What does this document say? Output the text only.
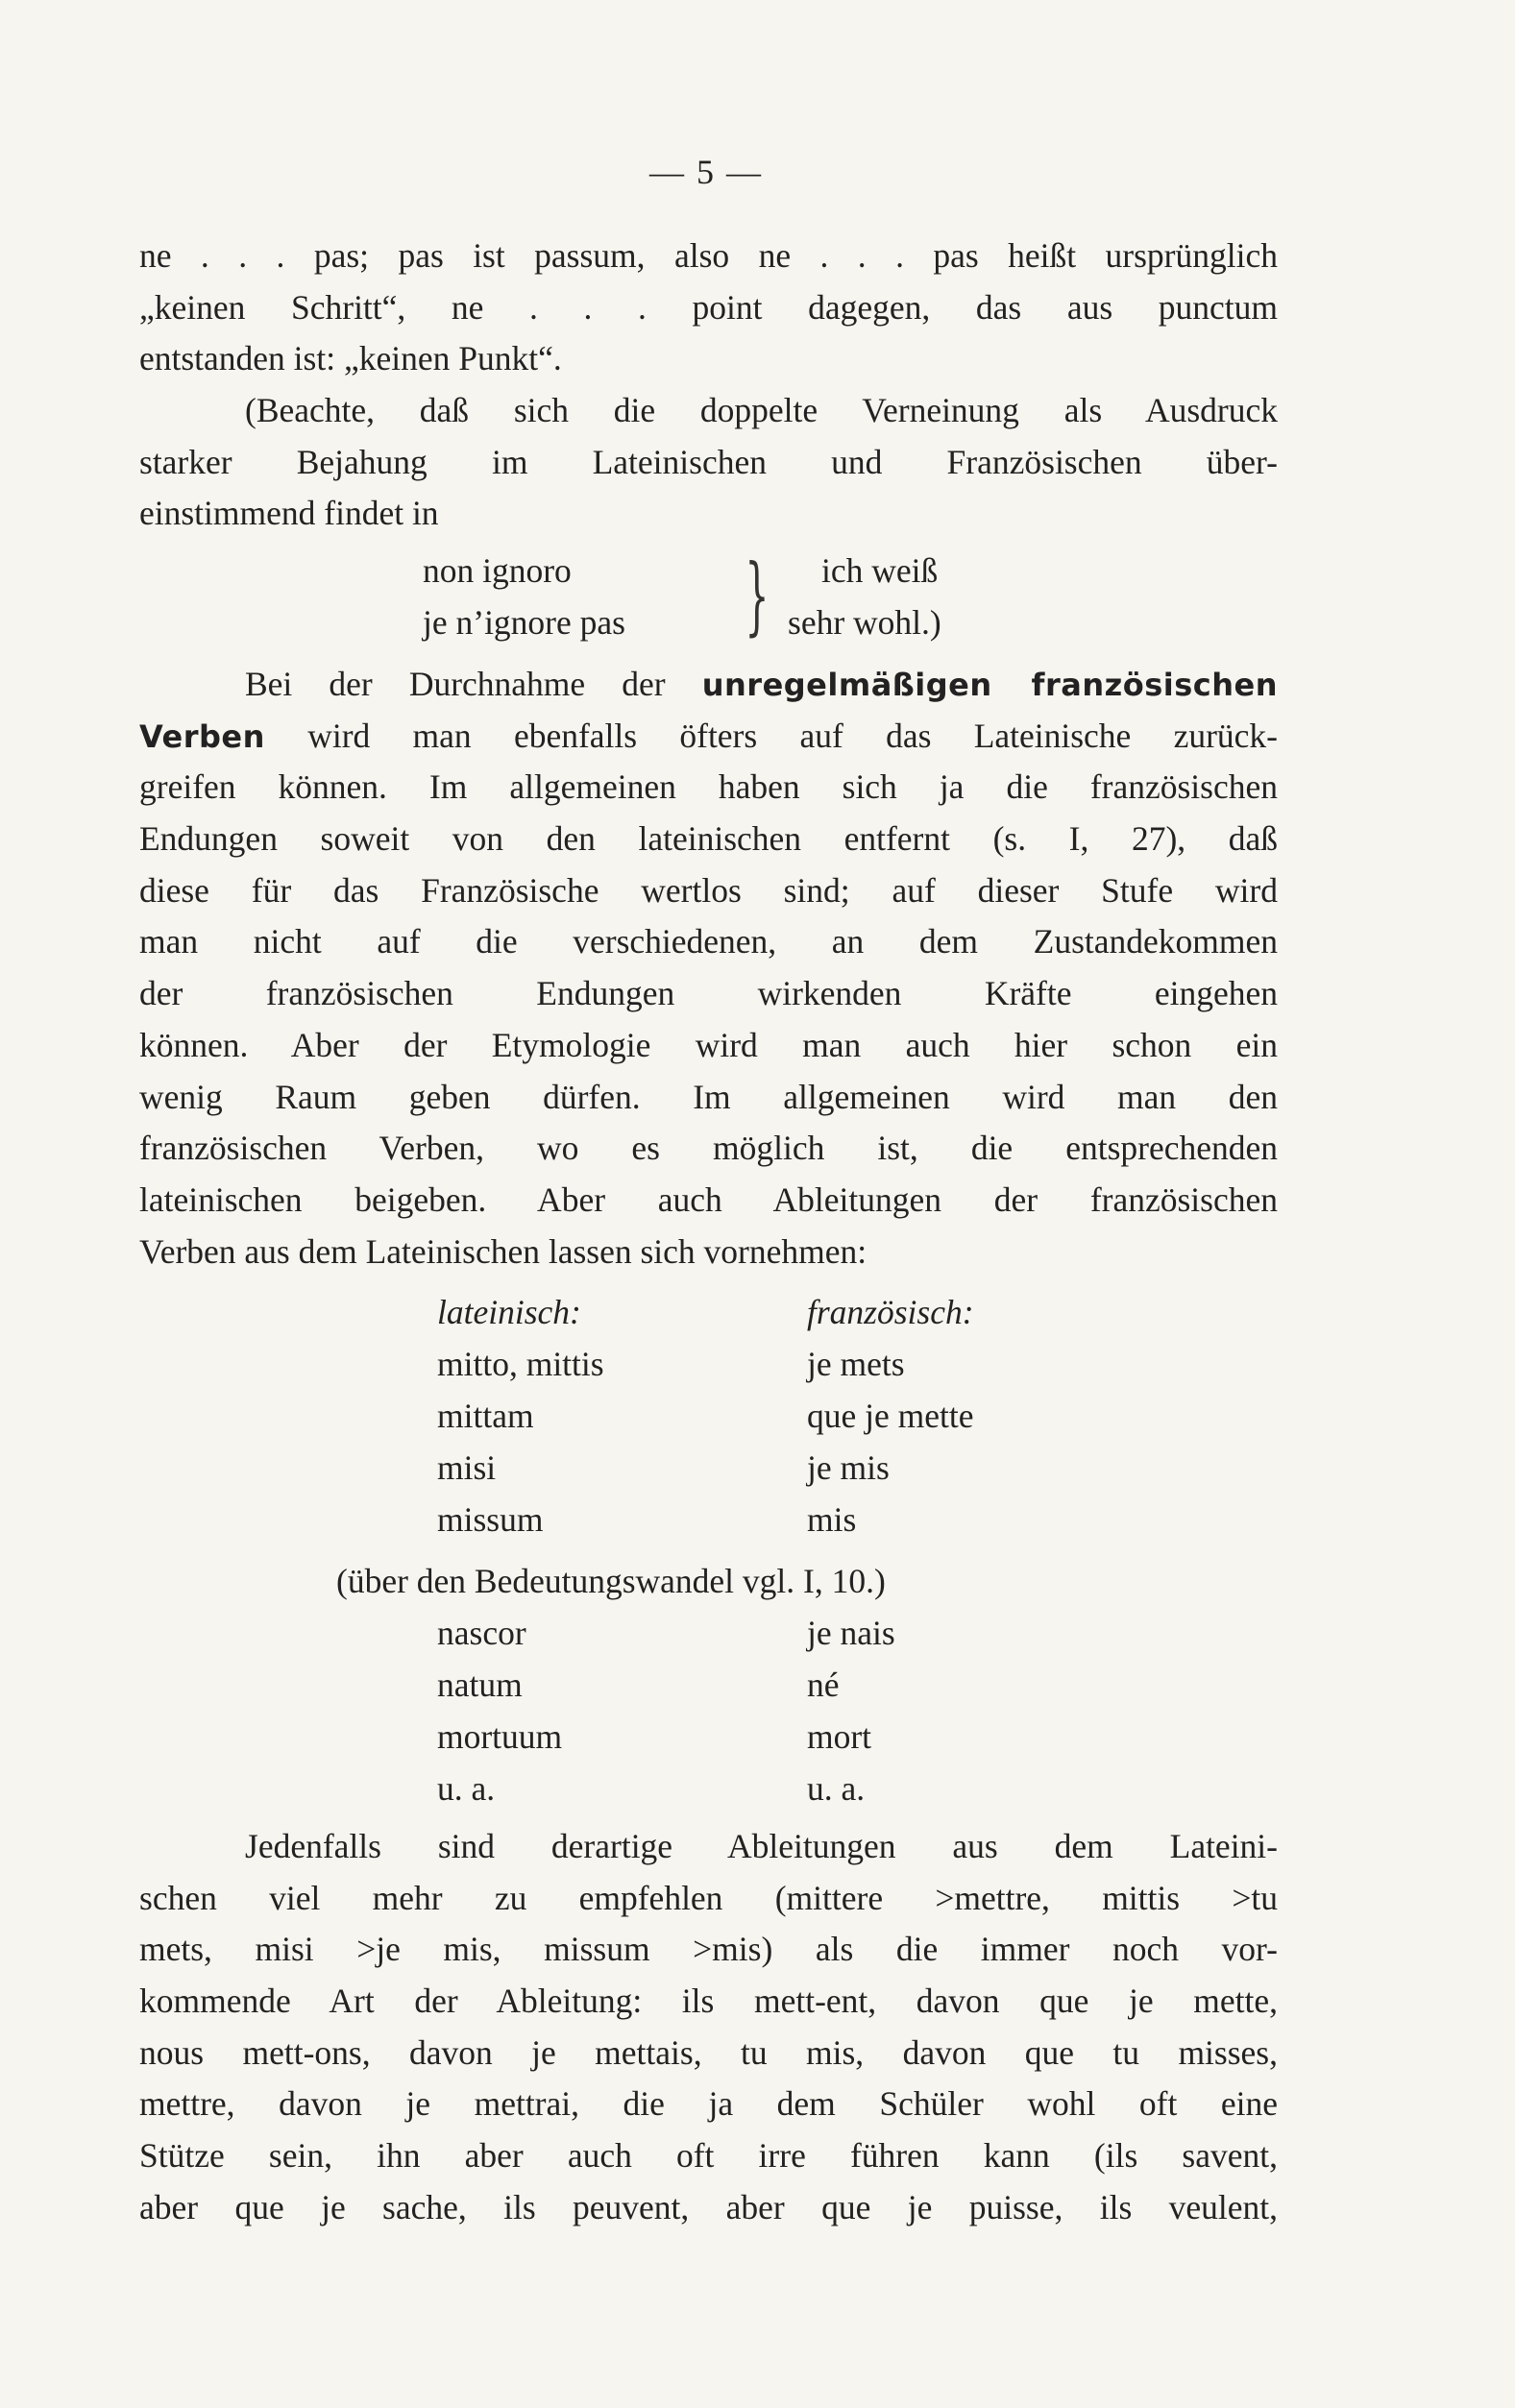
— 5 —
ne . . . pas; pas ist passum, also ne . . . pas heißt ursprünglich
„keinen Schritt“, ne . . . point dagegen, das aus punctum
entstanden ist: „keinen Punkt“.
(Beachte, daß sich die doppelte Verneinung als Ausdruck
starker Bejahung im Lateinischen und Französischen über-
einstimmend findet in
non ignoro
je n’ignore pas } ich weiß
sehr wohl.)
Bei der Durchnahme der unregelmäßigen französischen
Verben wird man ebenfalls öfters auf das Lateinische zurück-
greifen können. Im allgemeinen haben sich ja die französischen
Endungen soweit von den lateinischen entfernt (s. I, 27), daß
diese für das Französische wertlos sind; auf dieser Stufe wird
man nicht auf die verschiedenen, an dem Zustandekommen
der französischen Endungen wirkenden Kräfte eingehen
können. Aber der Etymologie wird man auch hier schon ein
wenig Raum geben dürfen. Im allgemeinen wird man den
französischen Verben, wo es möglich ist, die entsprechenden
lateinischen beigeben. Aber auch Ableitungen der französischen
Verben aus dem Lateinischen lassen sich vornehmen:
lateinisch:	französisch:
mitto, mittis	je mets
mittam	que je mette
misi	je mis
missum	mis
(über den Bedeutungswandel vgl. I, 10.)
nascor	je nais
natum	né
mortuum	mort
u. a.	u. a.
Jedenfalls sind derartige Ableitungen aus dem Lateini-
schen viel mehr zu empfehlen (mittere >mettre, mittis >tu
mets, misi >je mis, missum >mis) als die immer noch vor-
kommende Art der Ableitung: ils mett-ent, davon que je mette,
nous mett-ons, davon je mettais, tu mis, davon que tu misses,
mettre, davon je mettrai, die ja dem Schüler wohl oft eine
Stütze sein, ihn aber auch oft irre führen kann (ils savent,
aber que je sache, ils peuvent, aber que je puisse, ils veulent,
